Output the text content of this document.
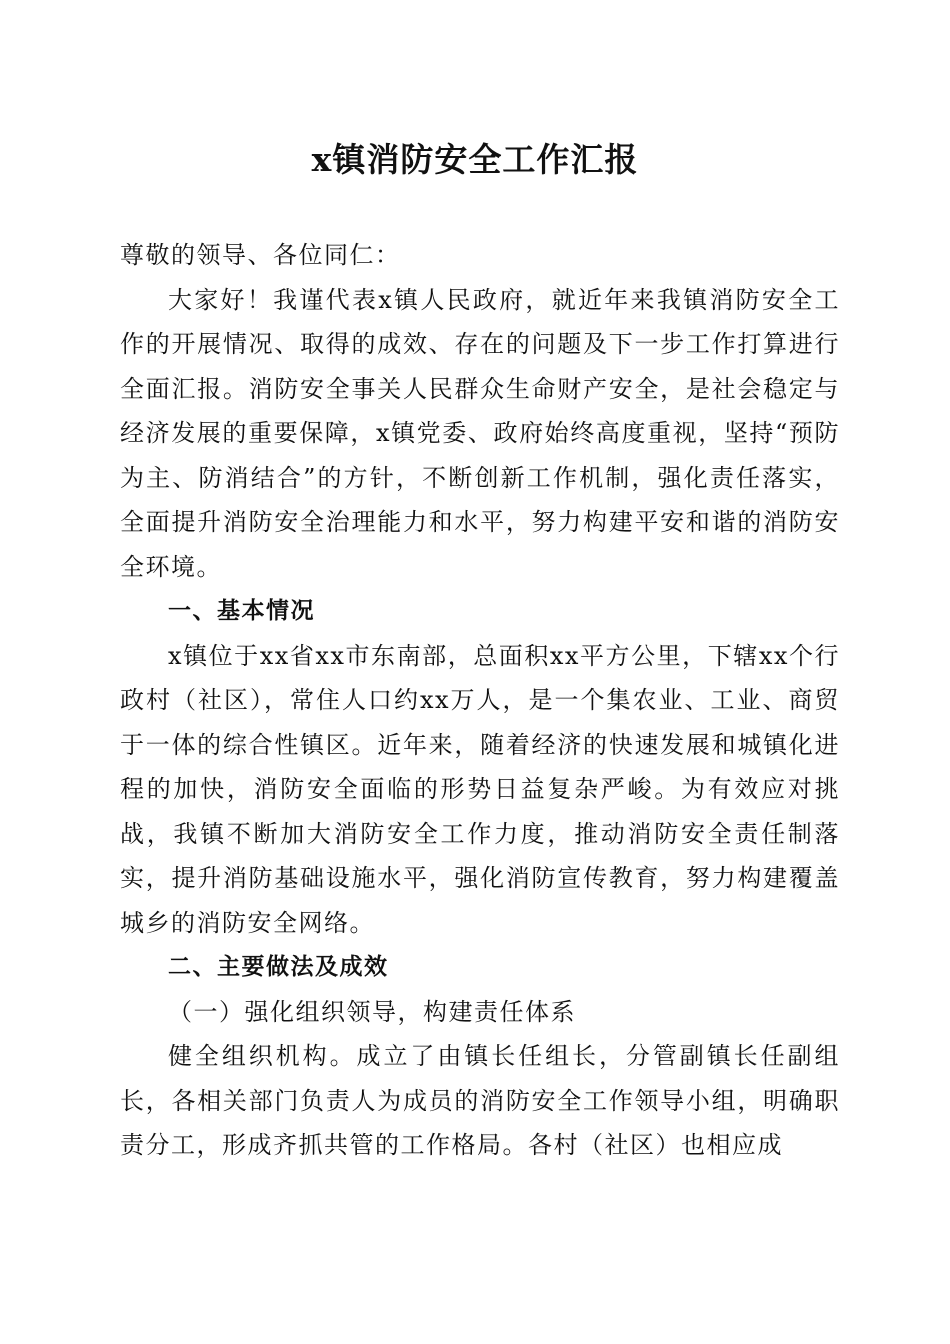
x镇消防安全工作汇报

尊敬的领导、各位同仁：

大家好！我谨代表x镇人民政府，就近年来我镇消防安全工作的开展情况、取得的成效、存在的问题及下一步工作打算进行全面汇报。消防安全事关人民群众生命财产安全，是社会稳定与经济发展的重要保障，x镇党委、政府始终高度重视，坚持“预防为主、防消结合”的方针，不断创新工作机制，强化责任落实，全面提升消防安全治理能力和水平，努力构建平安和谐的消防安全环境。

一、基本情况

x镇位于xx省xx市东南部，总面积xx平方公里，下辖xx个行政村（社区），常住人口约xx万人，是一个集农业、工业、商贸于一体的综合性镇区。近年来，随着经济的快速发展和城镇化进程的加快，消防安全面临的形势日益复杂严峻。为有效应对挑战，我镇不断加大消防安全工作力度，推动消防安全责任制落实，提升消防基础设施水平，强化消防宣传教育，努力构建覆盖城乡的消防安全网络。

二、主要做法及成效

（一）强化组织领导，构建责任体系

健全组织机构。成立了由镇长任组长，分管副镇长任副组长，各相关部门负责人为成员的消防安全工作领导小组，明确职责分工，形成齐抓共管的工作格局。各村（社区）也相应成
